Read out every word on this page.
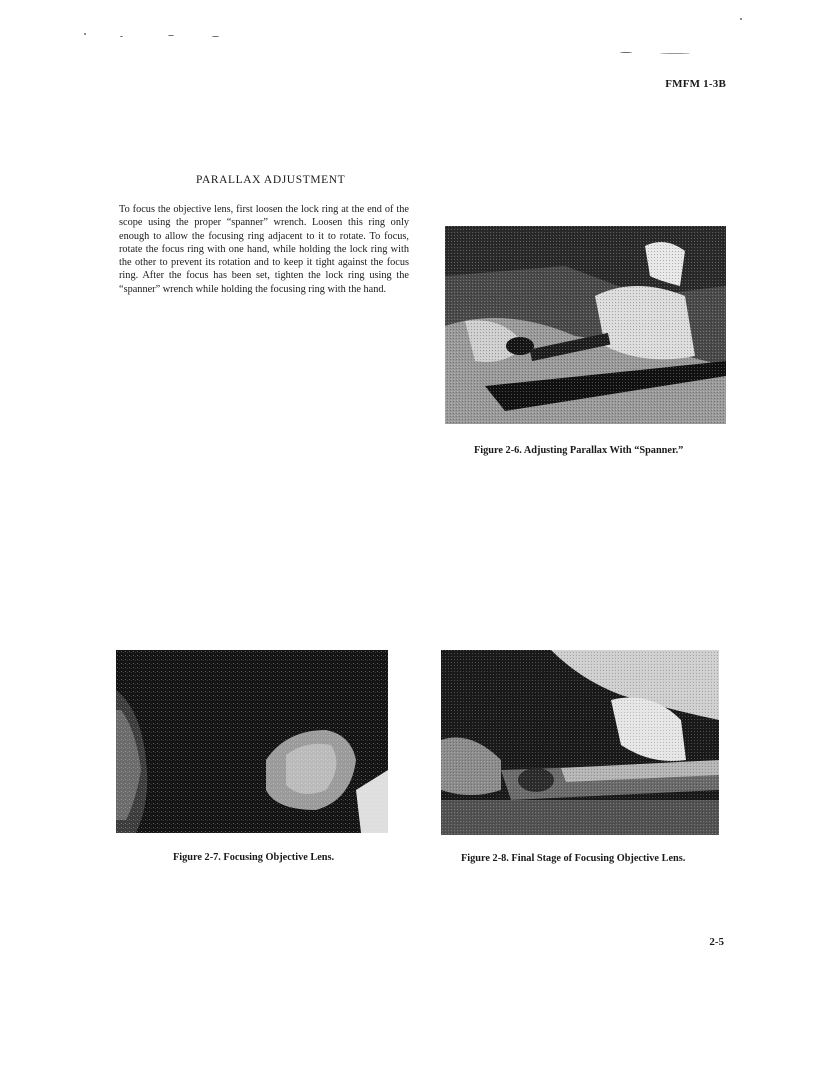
FMFM 1-3B
PARALLAX ADJUSTMENT
To focus the objective lens, first loosen the lock ring at the end of the scope using the proper “spanner” wrench. Loosen this ring only enough to allow the focusing ring adjacent to it to rotate. To focus, rotate the focus ring with one hand, while holding the lock ring with the other to prevent its rotation and to keep it tight against the focus ring. After the focus has been set, tighten the lock ring using the “spanner” wrench while holding the focusing ring with the hand.
Figure 2-6. Adjusting Parallax With “Spanner.”
Figure 2-7. Focusing Objective Lens.	Figure 2-8. Final Stage of Focusing Objective Lens.
2-5
